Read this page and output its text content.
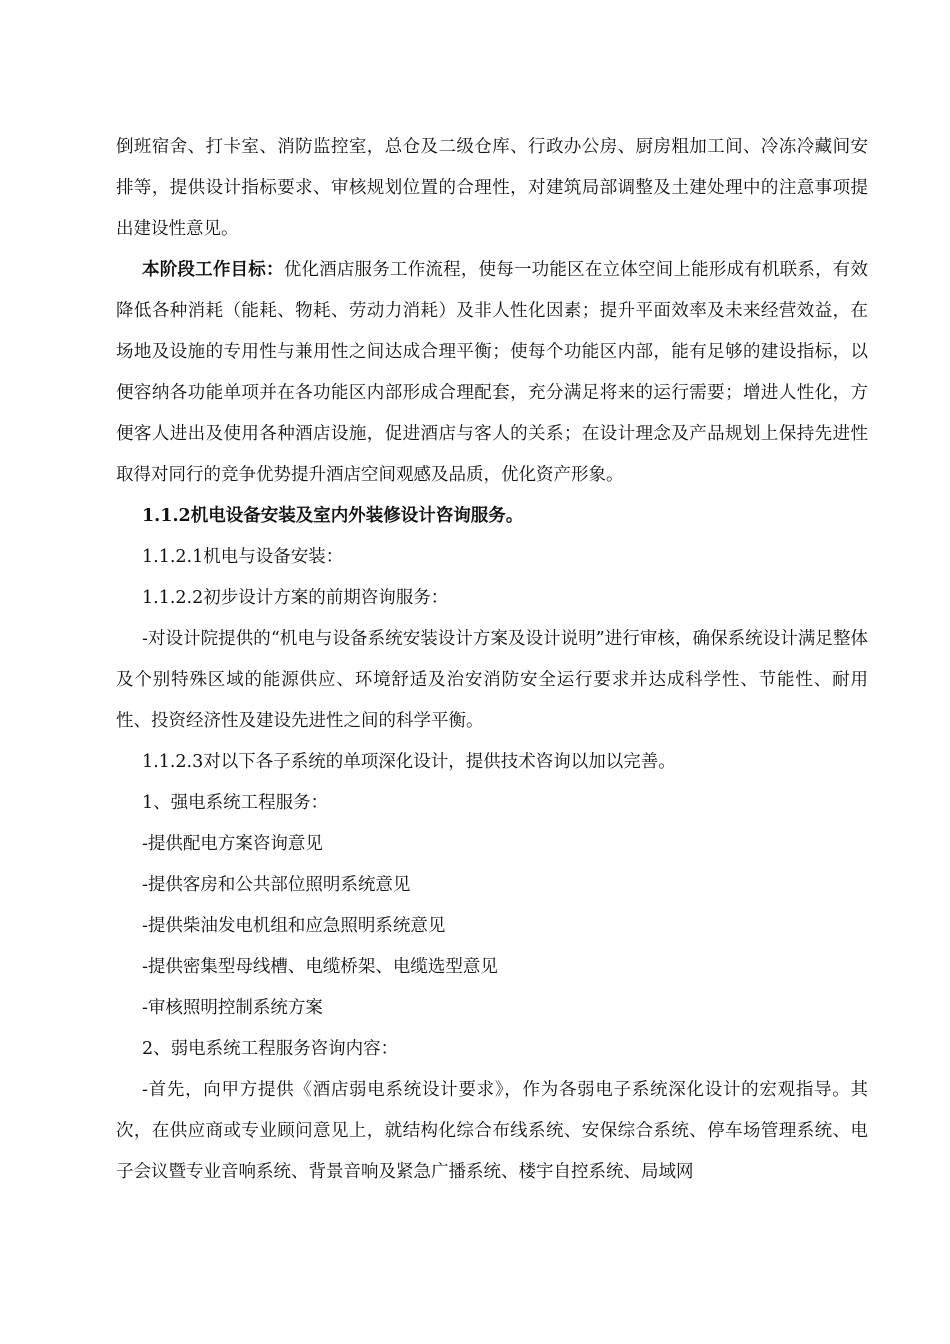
倒班宿舍、打卡室、消防监控室，总仓及二级仓库、行政办公房、厨房粗加工间、冷冻冷藏间安排等，提供设计指标要求、审核规划位置的合理性，对建筑局部调整及土建处理中的注意事项提出建设性意见。

本阶段工作目标：优化酒店服务工作流程，使每一功能区在立体空间上能形成有机联系，有效降低各种消耗（能耗、物耗、劳动力消耗）及非人性化因素；提升平面效率及未来经营效益，在场地及设施的专用性与兼用性之间达成合理平衡；使每个功能区内部，能有足够的建设指标，以便容纳各功能单项并在各功能区内部形成合理配套，充分满足将来的运行需要；增进人性化，方便客人进出及使用各种酒店设施，促进酒店与客人的关系；在设计理念及产品规划上保持先进性取得对同行的竞争优势提升酒店空间观感及品质，优化资产形象。

1.1.2机电设备安装及室内外装修设计咨询服务。

1.1.2.1机电与设备安装：

1.1.2.2初步设计方案的前期咨询服务：

-对设计院提供的“机电与设备系统安装设计方案及设计说明”进行审核，确保系统设计满足整体及个别特殊区域的能源供应、环境舒适及治安消防安全运行要求并达成科学性、节能性、耐用性、投资经济性及建设先进性之间的科学平衡。

1.1.2.3对以下各子系统的单项深化设计，提供技术咨询以加以完善。

1、强电系统工程服务：

-提供配电方案咨询意见

-提供客房和公共部位照明系统意见

-提供柴油发电机组和应急照明系统意见

-提供密集型母线槽、电缆桥架、电缆选型意见

-审核照明控制系统方案

2、弱电系统工程服务咨询内容：

-首先，向甲方提供《酒店弱电系统设计要求》，作为各弱电子系统深化设计的宏观指导。其次，在供应商或专业顾问意见上，就结构化综合布线系统、安保综合系统、停车场管理系统、电子会议暨专业音响系统、背景音响及紧急广播系统、楼宇自控系统、局域网
